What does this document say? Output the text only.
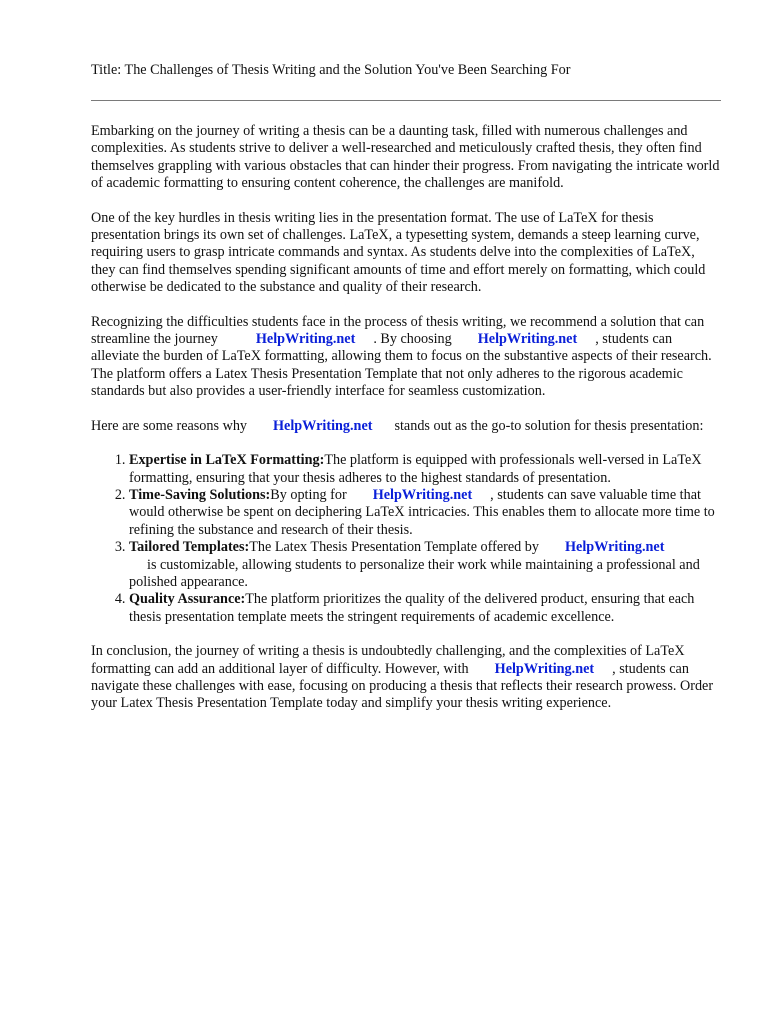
Title: The Challenges of Thesis Writing and the Solution You've Been Searching For

Embarking on the journey of writing a thesis can be a daunting task, filled with numerous challenges and complexities. As students strive to deliver a well-researched and meticulously crafted thesis, they often find themselves grappling with various obstacles that can hinder their progress. From navigating the intricate world of academic formatting to ensuring content coherence, the challenges are manifold.

One of the key hurdles in thesis writing lies in the presentation format. The use of LaTeX for thesis presentation brings its own set of challenges. LaTeX, a typesetting system, demands a steep learning curve, requiring users to grasp intricate commands and syntax. As students delve into the complexities of LaTeX, they can find themselves spending significant amounts of time and effort merely on formatting, which could otherwise be dedicated to the substance and quality of their research.

Recognizing the difficulties students face in the process of thesis writing, we recommend a solution that can streamline the journey	HelpWriting.net . By choosing HelpWriting.net , students can alleviate the burden of LaTeX formatting, allowing them to focus on the substantive aspects of their research. The platform offers a Latex Thesis Presentation Template that not only adheres to the rigorous academic standards but also provides a user-friendly interface for seamless customization.

Here are some reasons why HelpWriting.net stands out as the go-to solution for thesis presentation:

1. Expertise in LaTeX Formatting:The platform is equipped with professionals well-versed in LaTeX formatting, ensuring that your thesis adheres to the highest standards of presentation.
2. Time-Saving Solutions:By opting for HelpWriting.net , students can save valuable time that would otherwise be spent on deciphering LaTeX intricacies. This enables them to allocate more time to refining the substance and research of their thesis.
3. Tailored Templates:The Latex Thesis Presentation Template offered by HelpWriting.net
is customizable, allowing students to personalize their work while maintaining a professional and polished appearance.
4. Quality Assurance:The platform prioritizes the quality of the delivered product, ensuring that each thesis presentation template meets the stringent requirements of academic excellence.

In conclusion, the journey of writing a thesis is undoubtedly challenging, and the complexities of LaTeX formatting can add an additional layer of difficulty. However, with HelpWriting.net , students can navigate these challenges with ease, focusing on producing a thesis that reflects their research prowess. Order your Latex Thesis Presentation Template today and simplify your thesis writing experience.
